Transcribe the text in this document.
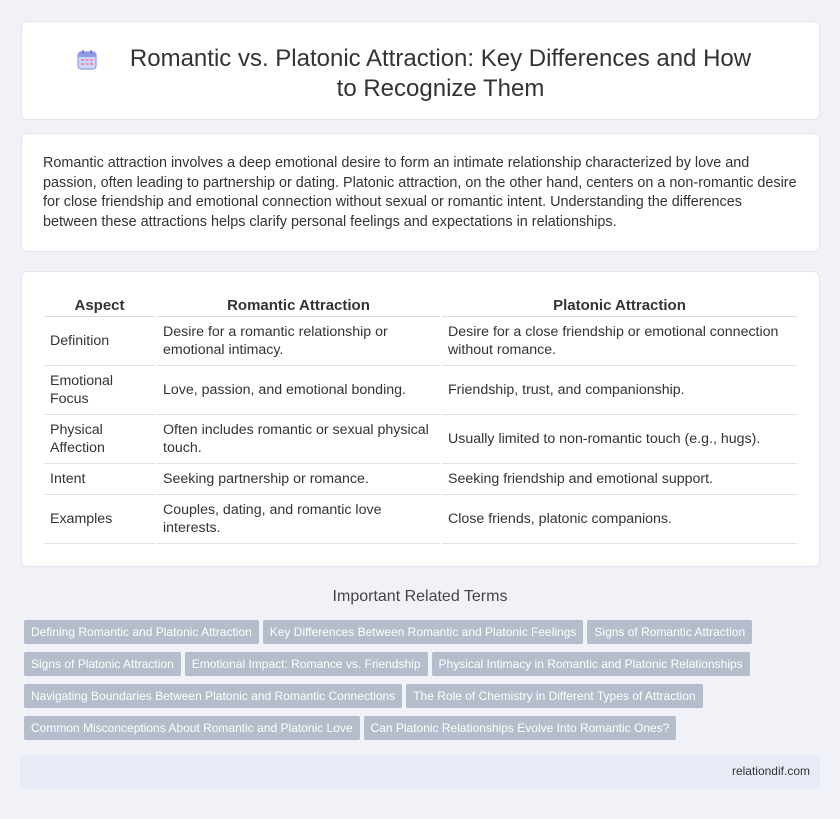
Romantic vs. Platonic Attraction: Key Differences and How to Recognize Them

Romantic attraction involves a deep emotional desire to form an intimate relationship characterized by love and passion, often leading to partnership or dating. Platonic attraction, on the other hand, centers on a non-romantic desire for close friendship and emotional connection without sexual or romantic intent. Understanding the differences between these attractions helps clarify personal feelings and expectations in relationships.

Aspect	Romantic Attraction	Platonic Attraction
Definition	Desire for a romantic relationship or emotional intimacy.	Desire for a close friendship or emotional connection without romance.
Emotional Focus	Love, passion, and emotional bonding.	Friendship, trust, and companionship.
Physical Affection	Often includes romantic or sexual physical touch.	Usually limited to non-romantic touch (e.g., hugs).
Intent	Seeking partnership or romance.	Seeking friendship and emotional support.
Examples	Couples, dating, and romantic love interests.	Close friends, platonic companions.
Important Related Terms
Defining Romantic and Platonic Attraction Key Differences Between Romantic and Platonic Feelings Signs of Romantic Attraction Signs of Platonic Attraction Emotional Impact: Romance vs. Friendship Physical Intimacy in Romantic and Platonic Relationships Navigating Boundaries Between Platonic and Romantic Connections The Role of Chemistry in Different Types of Attraction Common Misconceptions About Romantic and Platonic Love Can Platonic Relationships Evolve Into Romantic Ones?
relationdif.com
